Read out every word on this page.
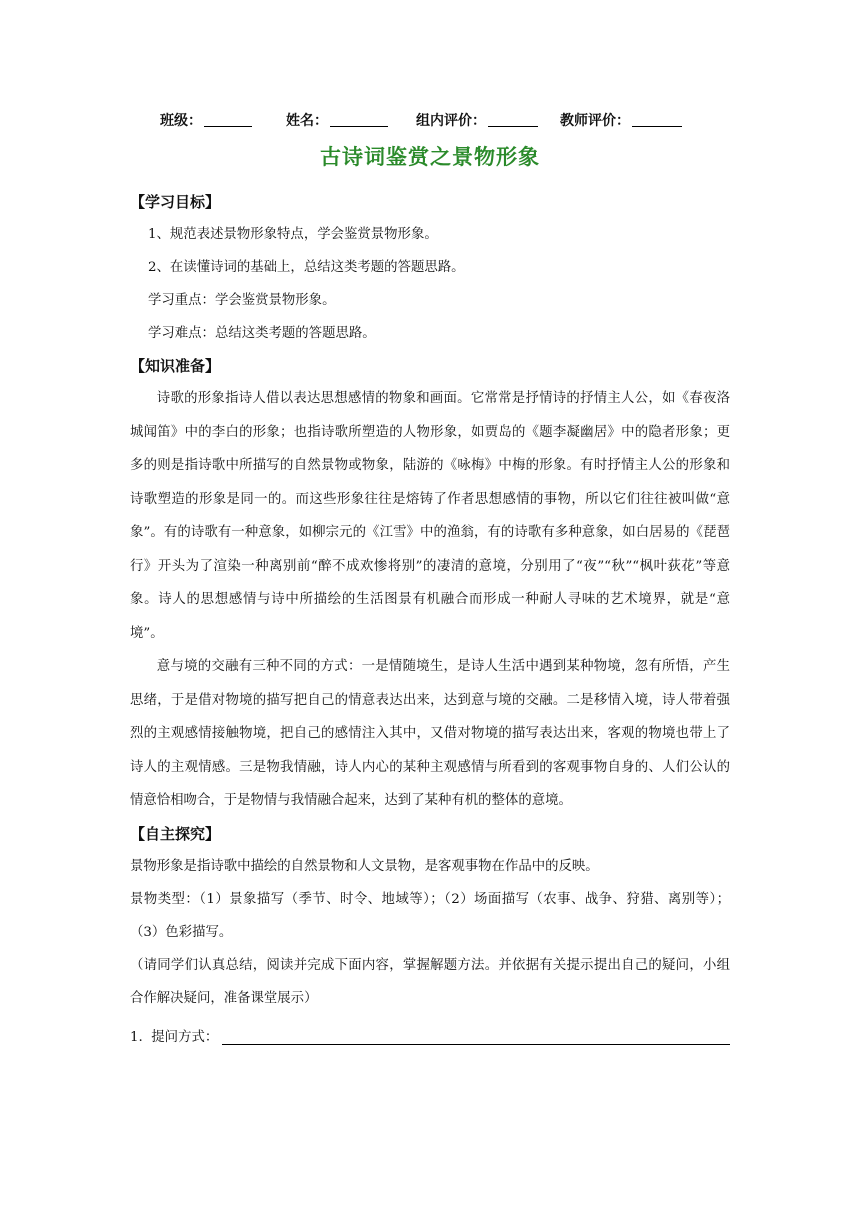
班级：	姓名：	组内评价：	教师评价：
古诗词鉴赏之景物形象
【学习目标】
1、规范表述景物形象特点，学会鉴赏景物形象。
2、在读懂诗词的基础上，总结这类考题的答题思路。
学习重点：学会鉴赏景物形象。
学习难点：总结这类考题的答题思路。
【知识准备】

诗歌的形象指诗人借以表达思想感情的物象和画面。它常常是抒情诗的抒情主人公，如《春夜洛城闻笛》中的李白的形象；也指诗歌所塑造的人物形象，如贾岛的《题李凝幽居》中的隐者形象；更多的则是指诗歌中所描写的自然景物或物象，陆游的《咏梅》中梅的形象。有时抒情主人公的形象和诗歌塑造的形象是同一的。而这些形象往往是熔铸了作者思想感情的事物，所以它们往往被叫做“意象”。有的诗歌有一种意象，如柳宗元的《江雪》中的渔翁，有的诗歌有多种意象，如白居易的《琵琶行》开头为了渲染一种离别前“醉不成欢惨将别”的凄清的意境，分别用了“夜”“秋”“枫叶荻花”等意象。诗人的思想感情与诗中所描绘的生活图景有机融合而形成一种耐人寻味的艺术境界，就是“意境”。

意与境的交融有三种不同的方式：一是情随境生，是诗人生活中遇到某种物境，忽有所悟，产生思绪，于是借对物境的描写把自己的情意表达出来，达到意与境的交融。二是移情入境，诗人带着强烈的主观感情接触物境，把自己的感情注入其中，又借对物境的描写表达出来，客观的物境也带上了诗人的主观情感。三是物我情融，诗人内心的某种主观感情与所看到的客观事物自身的、人们公认的情意恰相吻合，于是物情与我情融合起来，达到了某种有机的整体的意境。

【自主探究】

景物形象是指诗歌中描绘的自然景物和人文景物，是客观事物在作品中的反映。

景物类型：（1）景象描写（季节、时令、地域等）；（2）场面描写（农事、战争、狩猎、离别等）；（3）色彩描写。

（请同学们认真总结，阅读并完成下面内容，掌握解题方法。并依据有关提示提出自己的疑问，小组合作解决疑问，准备课堂展示）

1.  提问方式：
